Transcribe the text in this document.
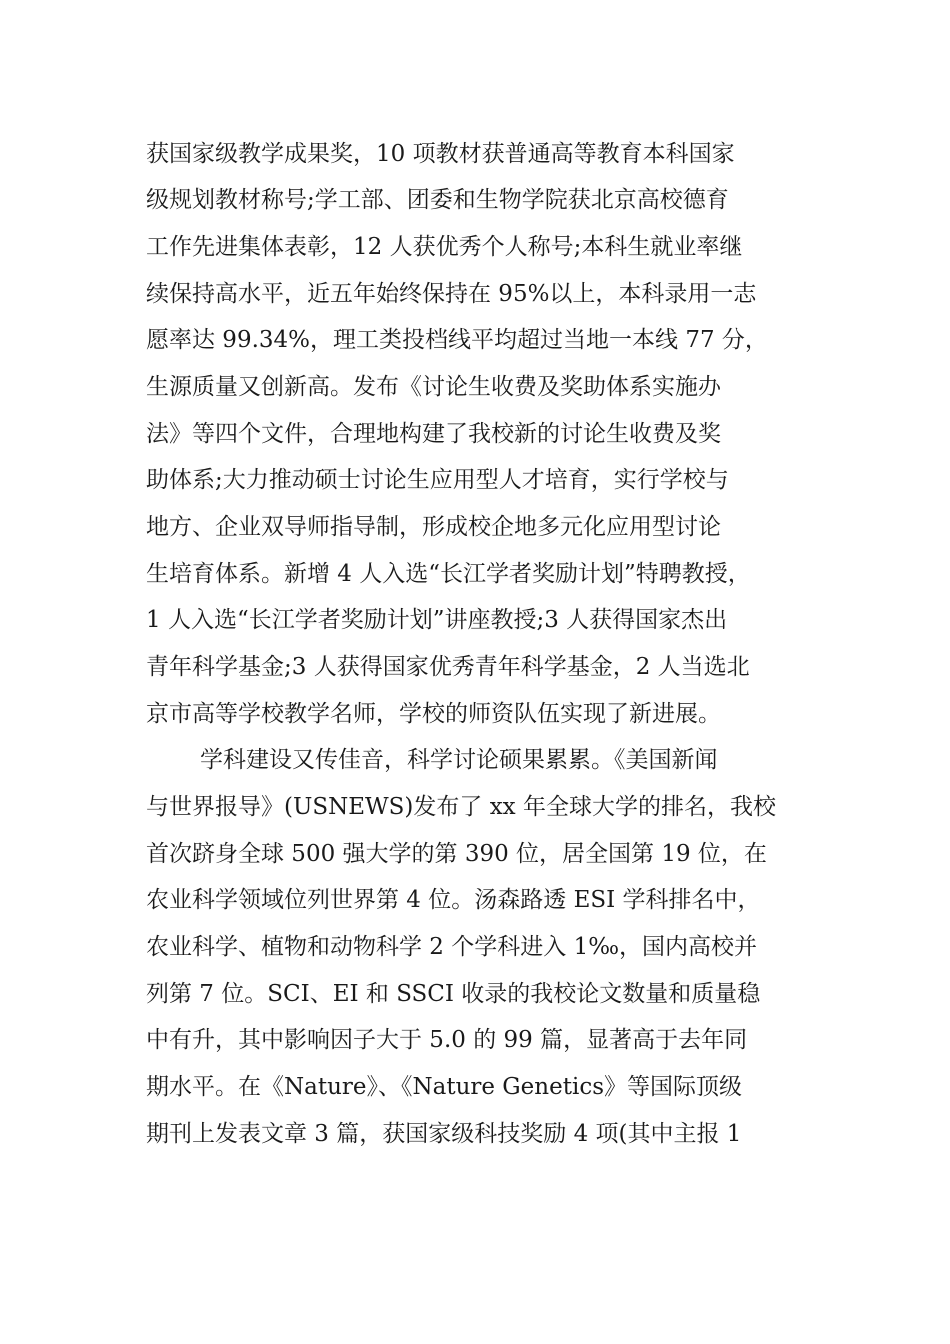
获国家级教学成果奖，10 项教材获普通高等教育本科国家
级规划教材称号;学工部、团委和生物学院获北京高校德育
工作先进集体表彰，12 人获优秀个人称号;本科生就业率继
续保持高水平，近五年始终保持在 95%以上，本科录用一志
愿率达 99.34%，理工类投档线平均超过当地一本线 77 分，
生源质量又创新高。发布《讨论生收费及奖助体系实施办
法》等四个文件，合理地构建了我校新的讨论生收费及奖
助体系;大力推动硕士讨论生应用型人才培育，实行学校与
地方、企业双导师指导制，形成校企地多元化应用型讨论
生培育体系。新增 4 人入选“长江学者奖励计划”特聘教授，
1 人入选“长江学者奖励计划”讲座教授;3 人获得国家杰出
青年科学基金;3 人获得国家优秀青年科学基金，2 人当选北
京市高等学校教学名师，学校的师资队伍实现了新进展。
学科建设又传佳音，科学讨论硕果累累。《美国新闻
与世界报导》(USNEWS)发布了 xx 年全球大学的排名，我校
首次跻身全球 500 强大学的第 390 位，居全国第 19 位，在
农业科学领域位列世界第 4 位。汤森路透 ESI 学科排名中，
农业科学、植物和动物科学 2 个学科进入 1‰，国内高校并
列第 7 位。SCI、EI 和 SSCI 收录的我校论文数量和质量稳
中有升，其中影响因子大于 5.0 的 99 篇，显著高于去年同
期水平。在《Nature》、《Nature Genetics》等国际顶级
期刊上发表文章 3 篇，获国家级科技奖励 4 项(其中主报 1
